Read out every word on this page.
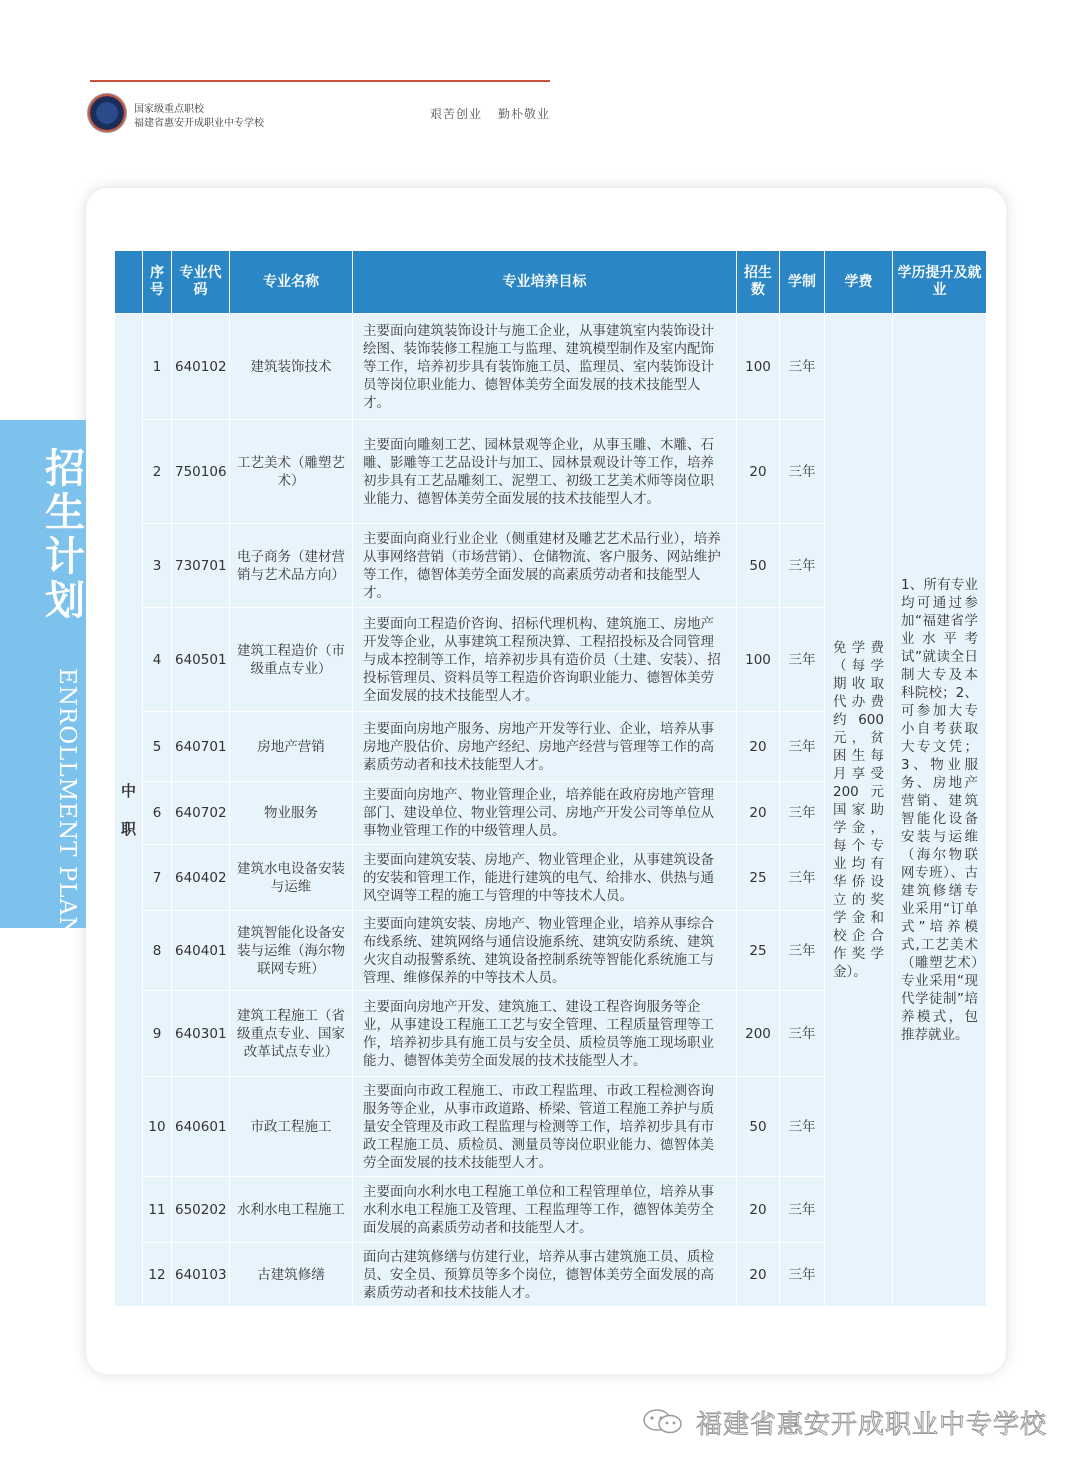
国家级重点职校
福建省惠安开成职业中专学校
艰苦创业 勤朴敬业
招
生
计
划
ENROLLMENT PLAN
	序号	专业代码	专业名称	专业培养目标	招生数	学制	学费	学历提升及就业
中职	1	640102	建筑装饰技术	主要面向建筑装饰设计与施工企业，从事建筑室内装饰设计绘图、装饰装修工程施工与监理、建筑模型制作及室内配饰等工作，培养初步具有装饰施工员、监理员、室内装饰设计员等岗位职业能力、德智体美劳全面发展的技术技能型人才。	100	三年	免学费（每学期收取代办费约600元，贫困生每月享受200元国家助学金，每个专业均有华侨设立的奖学金和校企合作奖学金）。	1、所有专业均可通过参加“福建省学业水平考试”就读全日制大专及本科院校；2、可参加大专小自考获取大专文凭；3、物业服务、房地产营销、建筑智能化设备安装与运维（海尔物联网专班）、古建筑修缮专业采用“订单式”培养模式,工艺美术（雕塑艺术）专业采用“现代学徒制”培养模式，包推荐就业。
	2	750106	工艺美术（雕塑艺术）	主要面向雕刻工艺、园林景观等企业，从事玉雕、木雕、石雕、影雕等工艺品设计与加工、园林景观设计等工作，培养初步具有工艺品雕刻工、泥塑工、初级工艺美术师等岗位职业能力、德智体美劳全面发展的技术技能型人才。	20	三年		
	3	730701	电子商务（建材营销与艺术品方向）	主要面向商业行业企业（侧重建材及雕艺艺术品行业），培养从事网络营销（市场营销）、仓储物流、客户服务、网站维护等工作，德智体美劳全面发展的高素质劳动者和技能型人才。	50	三年		
	4	640501	建筑工程造价（市级重点专业）	主要面向工程造价咨询、招标代理机构、建筑施工、房地产开发等企业，从事建筑工程预决算、工程招投标及合同管理与成本控制等工作，培养初步具有造价员（土建、安装）、招投标管理员、资料员等工程造价咨询职业能力、德智体美劳全面发展的技术技能型人才。	100	三年		
	5	640701	房地产营销	主要面向房地产服务、房地产开发等行业、企业，培养从事房地产股估价、房地产经纪、房地产经营与管理等工作的高素质劳动者和技术技能型人才。	20	三年		
	6	640702	物业服务	主要面向房地产、物业管理企业，培养能在政府房地产管理部门、建设单位、物业管理公司、房地产开发公司等单位从事物业管理工作的中级管理人员。	20	三年		
	7	640402	建筑水电设备安装与运维	主要面向建筑安装、房地产、物业管理企业，从事建筑设备的安装和管理工作，能进行建筑的电气、给排水、供热与通风空调等工程的施工与管理的中等技术人员。	25	三年		
	8	640401	建筑智能化设备安装与运维（海尔物联网专班）	主要面向建筑安装、房地产、物业管理企业，培养从事综合布线系统、建筑网络与通信设施系统、建筑安防系统、建筑火灾自动报警系统、建筑设备控制系统等智能化系统施工与管理、维修保养的中等技术人员。	25	三年		
	9	640301	建筑工程施工（省级重点专业、国家改革试点专业）	主要面向房地产开发、建筑施工、建设工程咨询服务等企业，从事建设工程施工工艺与安全管理、工程质量管理等工作，培养初步具有施工员与安全员、质检员等施工现场职业能力、德智体美劳全面发展的技术技能型人才。	200	三年		
	10	640601	市政工程施工	主要面向市政工程施工、市政工程监理、市政工程检测咨询服务等企业，从事市政道路、桥梁、管道工程施工养护与质量安全管理及市政工程监理与检测等工作，培养初步具有市政工程施工员、质检员、测量员等岗位职业能力、德智体美劳全面发展的技术技能型人才。	50	三年		
	11	650202	水利水电工程施工	主要面向水利水电工程施工单位和工程管理单位，培养从事水利水电工程施工及管理、工程监理等工作，德智体美劳全面发展的高素质劳动者和技能型人才。	20	三年		
	12	640103	古建筑修缮	面向古建筑修缮与仿建行业，培养从事古建筑施工员、质检员、安全员、预算员等多个岗位，德智体美劳全面发展的高素质劳动者和技术技能人才。	20	三年		
福建省惠安开成职业中专学校
